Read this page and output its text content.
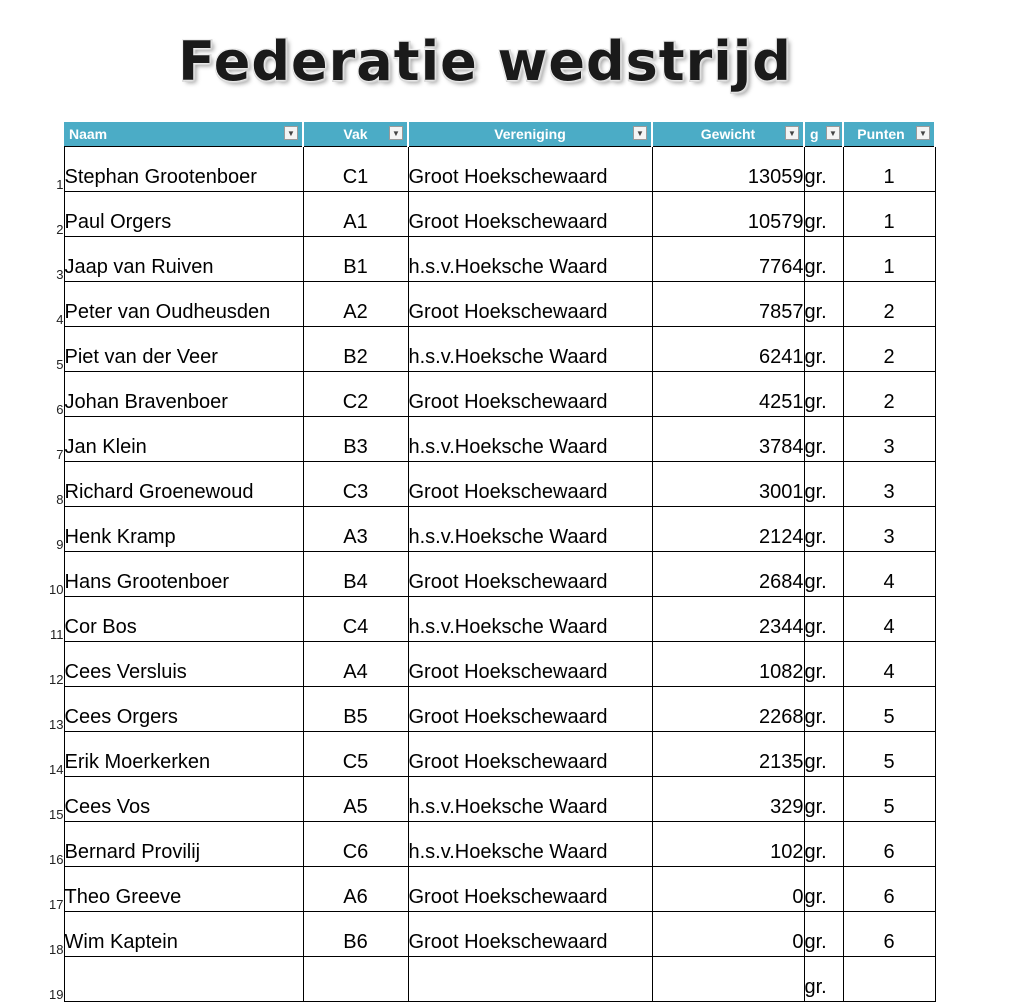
Federatie wedstrijd
	Naam ▼	Vak ▼	Vereniging ▼	Gewicht ▼	g ▼	Punten ▼

1	Stephan Grootenboer	C1	Groot Hoekschewaard	13059	gr.	1
2	Paul Orgers	A1	Groot Hoekschewaard	10579	gr.	1
3	Jaap van Ruiven	B1	h.s.v.Hoeksche Waard	7764	gr.	1
4	Peter van Oudheusden	A2	Groot Hoekschewaard	7857	gr.	2
5	Piet van der Veer	B2	h.s.v.Hoeksche Waard	6241	gr.	2
6	Johan Bravenboer	C2	Groot Hoekschewaard	4251	gr.	2
7	Jan Klein	B3	h.s.v.Hoeksche Waard	3784	gr.	3
8	Richard Groenewoud	C3	Groot Hoekschewaard	3001	gr.	3
9	Henk Kramp	A3	h.s.v.Hoeksche Waard	2124	gr.	3
10	Hans Grootenboer	B4	Groot Hoekschewaard	2684	gr.	4
11	Cor Bos	C4	h.s.v.Hoeksche Waard	2344	gr.	4
12	Cees Versluis	A4	Groot Hoekschewaard	1082	gr.	4
13	Cees Orgers	B5	Groot Hoekschewaard	2268	gr.	5
14	Erik Moerkerken	C5	Groot Hoekschewaard	2135	gr.	5
15	Cees Vos	A5	h.s.v.Hoeksche Waard	329	gr.	5
16	Bernard Provilij	C6	h.s.v.Hoeksche Waard	102	gr.	6
17	Theo Greeve	A6	Groot Hoekschewaard	0	gr.	6
18	Wim Kaptein	B6	Groot Hoekschewaard	0	gr.	6
19					gr.	
